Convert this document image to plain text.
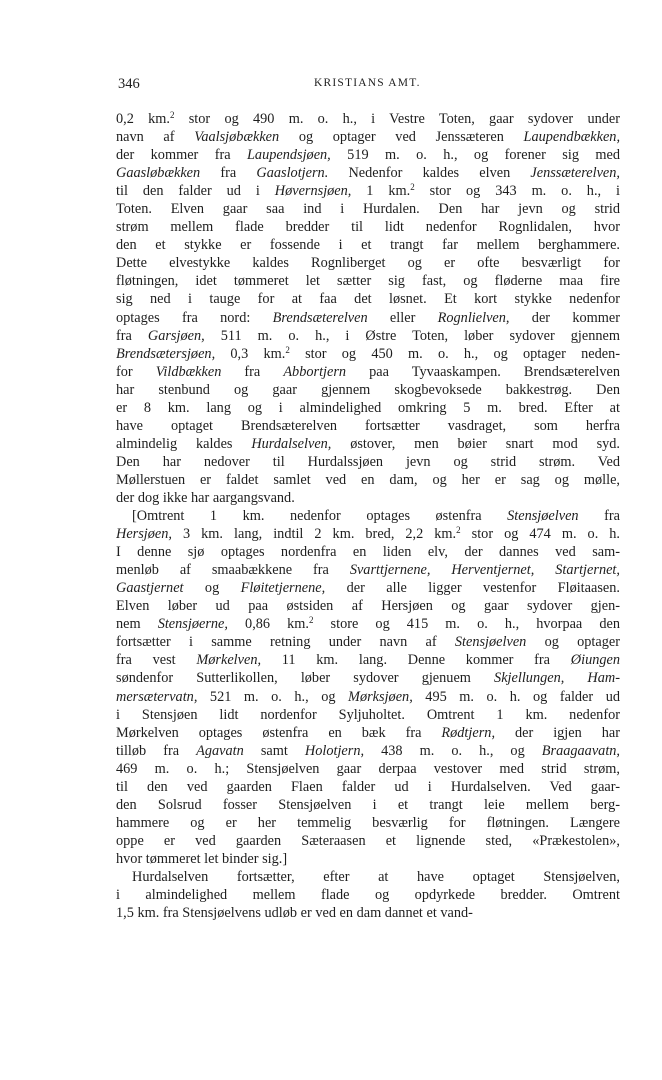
346	KRISTIANS AMT.
0,2 km.$^2$ stor og 490 m. o. h., i Vestre Toten, gaar sydover under
navn af Vaalsjøbækken og optager ved Jenssæteren Laupendbækken,
der kommer fra Laupendsjøen, 519 m. o. h., og forener sig med
Gaasløbækken fra Gaaslotjern. Nedenfor kaldes elven Jenssæterelven,
til den falder ud i Høvernsjøen, 1 km.$^2$ stor og 343 m. o. h., i
Toten. Elven gaar saa ind i Hurdalen. Den har jevn og strid
strøm mellem flade bredder til lidt nedenfor Rognlidalen, hvor
den et stykke er fossende i et trangt far mellem berghammere.
Dette elvestykke kaldes Rognliberget og er ofte besværligt for
fløtningen, idet tømmeret let sætter sig fast, og fløderne maa fire
sig ned i tauge for at faa det løsnet. Et kort stykke nedenfor
optages fra nord: Brendsæterelven eller Rognlielven, der kommer
fra Garsjøen, 511 m. o. h., i Østre Toten, løber sydover gjennem
Brendsætersjøen, 0,3 km.$^2$ stor og 450 m. o. h., og optager neden-
for Vildbækken fra Abbortjern paa Tyvaaskampen. Brendsæterelven
har stenbund og gaar gjennem skogbevoksede bakkestrøg. Den
er 8 km. lang og i almindelighed omkring 5 m. bred. Efter at
have optaget Brendsæterelven fortsætter vasdraget, som herfra
almindelig kaldes Hurdalselven, østover, men bøier snart mod syd.
Den har nedover til Hurdalssjøen jevn og strid strøm. Ved
Møllerstuen er faldet samlet ved en dam, og her er sag og mølle,
der dog ikke har aargangsvand.
[Omtrent 1 km. nedenfor optages østenfra Stensjøelven fra
Hersjøen, 3 km. lang, indtil 2 km. bred, 2,2 km.$^2$ stor og 474 m. o. h.
I denne sjø optages nordenfra en liden elv, der dannes ved sam-
menløb af smaabækkene fra Svarttjernene, Herventjernet, Startjernet,
Gaastjernet og Fløitetjernene, der alle ligger vestenfor Fløitaasen.
Elven løber ud paa østsiden af Hersjøen og gaar sydover gjen-
nem Stensjøerne, 0,86 km.$^2$ store og 415 m. o. h., hvorpaa den
fortsætter i samme retning under navn af Stensjøelven og optager
fra vest Mørkelven, 11 km. lang. Denne kommer fra Øiungen
søndenfor Sutterlikollen, løber sydover gjenuem Skjellungen, Ham-
mersætervatn, 521 m. o. h., og Mørksjøen, 495 m. o. h. og falder ud
i Stensjøen lidt nordenfor Syljuholtet. Omtrent 1 km. nedenfor
Mørkelven optages østenfra en bæk fra Rødtjern, der igjen har
tilløb fra Agavatn samt Holotjern, 438 m. o. h., og Braagaavatn,
469 m. o. h.; Stensjøelven gaar derpaa vestover med strid strøm,
til den ved gaarden Flaen falder ud i Hurdalselven. Ved gaar-
den Solsrud fosser Stensjøelven i et trangt leie mellem berg-
hammere og er her temmelig besværlig for fløtningen. Længere
oppe er ved gaarden Sæteraasen et lignende sted, «Prækestolen»,
hvor tømmeret let binder sig.]
Hurdalselven fortsætter, efter at have optaget Stensjøelven,
i almindelighed mellem flade og opdyrkede bredder. Omtrent
1,5 km. fra Stensjøelvens udløb er ved en dam dannet et vand-
